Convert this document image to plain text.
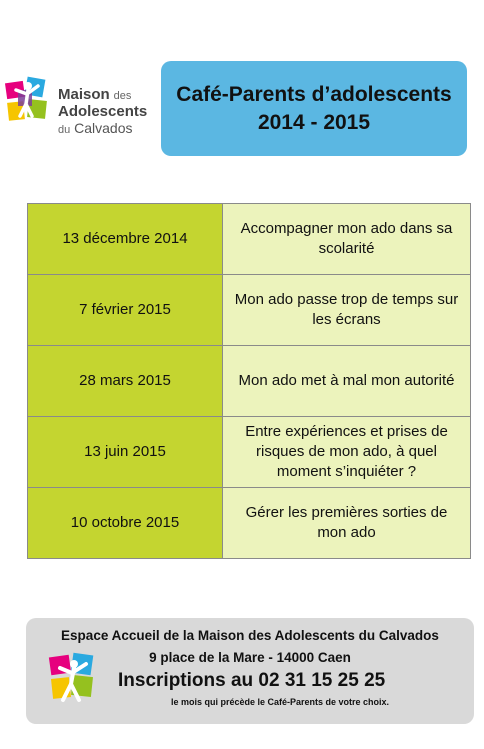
Maison des
Adolescents
du Calvados
Café-Parents d’adolescents
2014 - 2015
13 décembre 2014	Accompagner mon ado dans sa scolarité
7 février 2015	Mon ado passe trop de temps sur les écrans
28 mars 2015	Mon ado met à mal mon autorité
13 juin 2015	Entre expériences et prises de risques de mon ado, à quel moment s’inquiéter ?
10 octobre 2015	Gérer les premières sorties de mon ado
Espace Accueil de la Maison des Adolescents du Calvados
9 place de la Mare - 14000 Caen
Inscriptions au 02 31 15 25 25
le mois qui précède le Café-Parents de votre choix.
